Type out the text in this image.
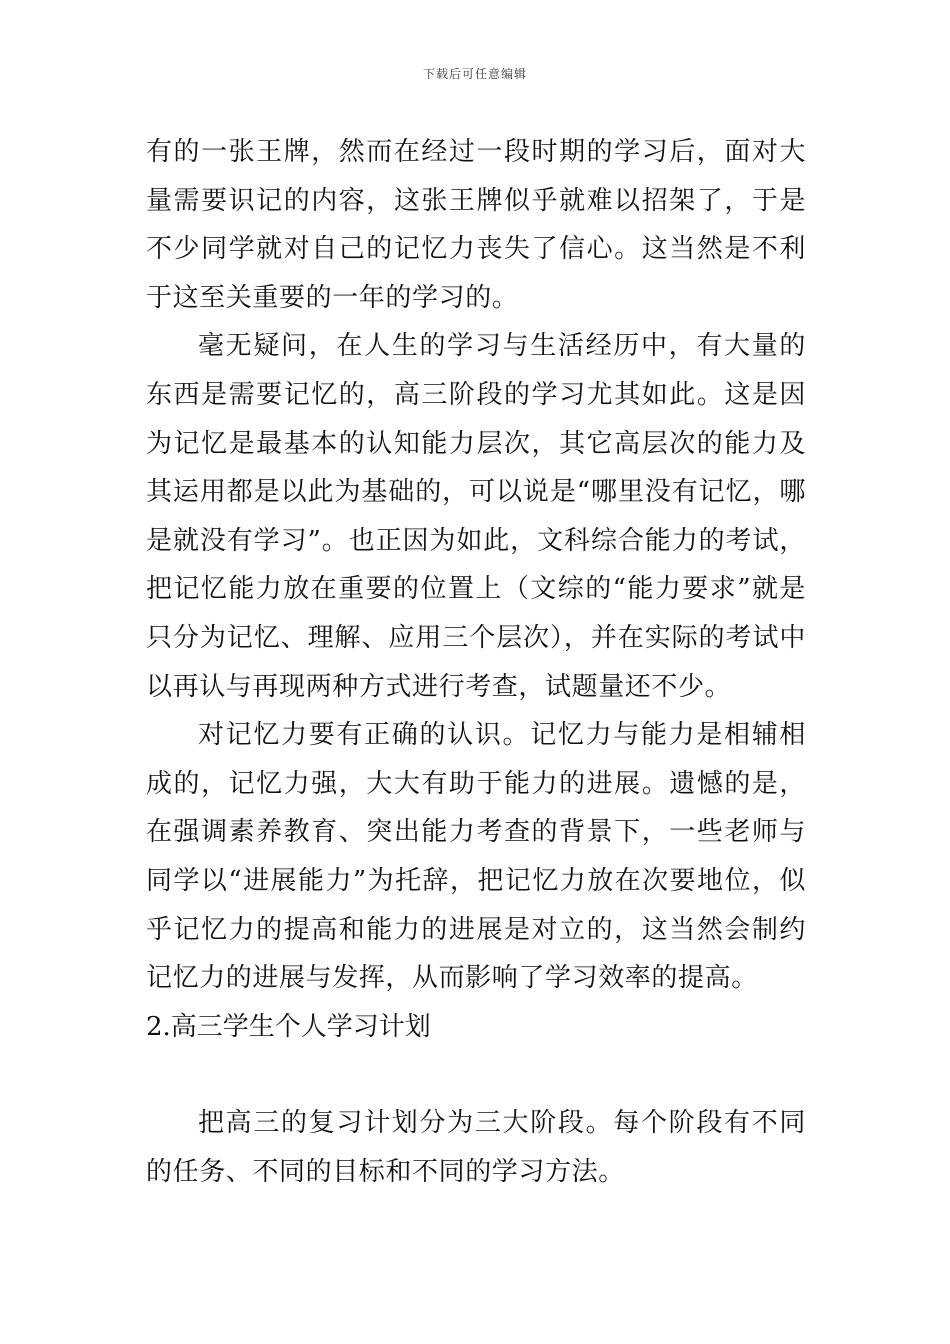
下载后可任意编辑

有的一张王牌，然而在经过一段时期的学习后，面对大量需要识记的内容，这张王牌似乎就难以招架了，于是不少同学就对自己的记忆力丧失了信心。这当然是不利于这至关重要的一年的学习的。

毫无疑问，在人生的学习与生活经历中，有大量的东西是需要记忆的，高三阶段的学习尤其如此。这是因为记忆是最基本的认知能力层次，其它高层次的能力及其运用都是以此为基础的，可以说是“哪里没有记忆，哪是就没有学习”。也正因为如此，文科综合能力的考试，把记忆能力放在重要的位置上（文综的“能力要求”就是只分为记忆、理解、应用三个层次），并在实际的考试中以再认与再现两种方式进行考查，试题量还不少。

对记忆力要有正确的认识。记忆力与能力是相辅相成的，记忆力强，大大有助于能力的进展。遗憾的是，在强调素养教育、突出能力考查的背景下，一些老师与同学以“进展能力”为托辞，把记忆力放在次要地位，似乎记忆力的提高和能力的进展是对立的，这当然会制约记忆力的进展与发挥，从而影响了学习效率的提高。

2.高三学生个人学习计划

把高三的复习计划分为三大阶段。每个阶段有不同的任务、不同的目标和不同的学习方法。
